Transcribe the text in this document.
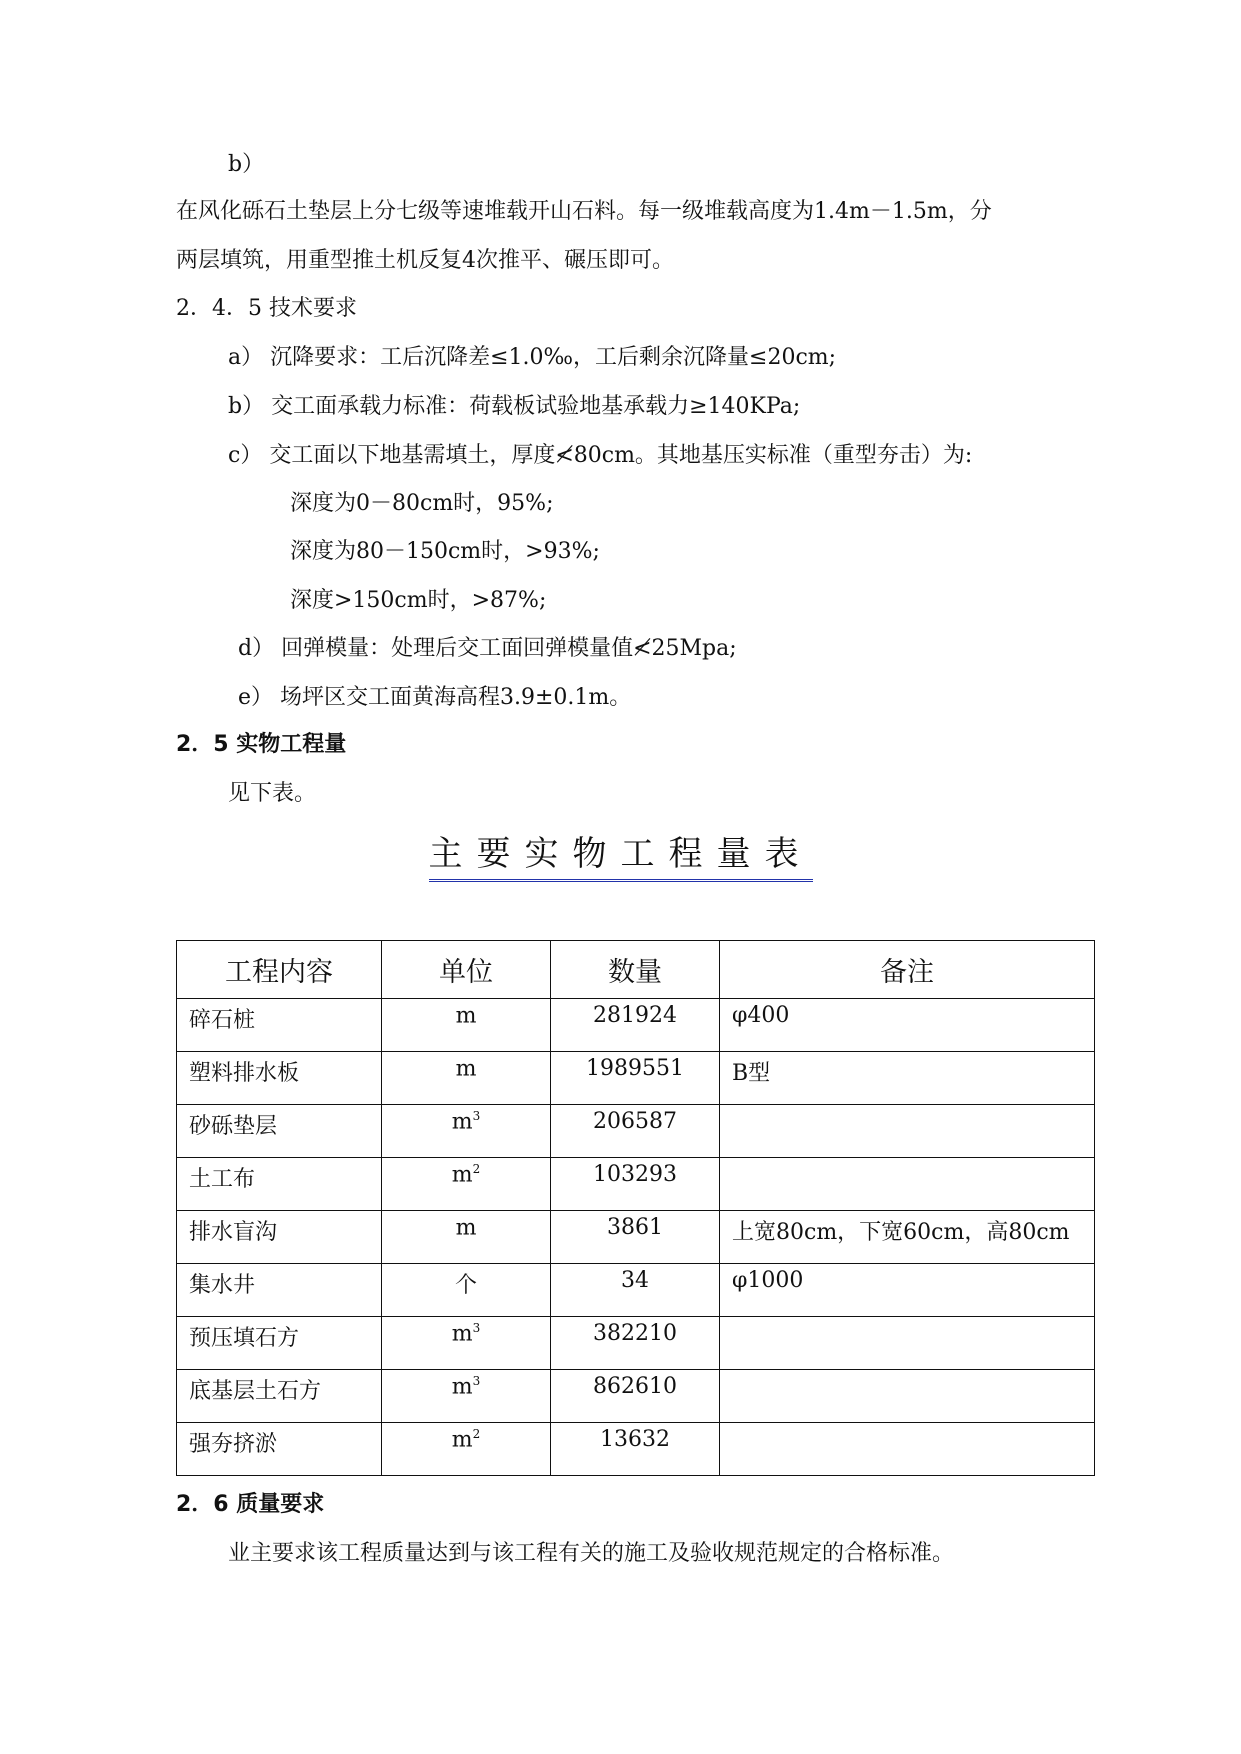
b）
在风化砾石土垫层上分七级等速堆载开山石料。每一级堆载高度为1.4m－1.5m，分
两层填筑，用重型推土机反复4次推平、碾压即可。
2．4．5 技术要求
a） 沉降要求：工后沉降差≤1.0‰，工后剩余沉降量≤20cm;
b） 交工面承载力标准：荷载板试验地基承载力≥140KPa;
c） 交工面以下地基需填土，厚度≮80cm。其地基压实标准（重型夯击）为:
深度为0－80cm时，95%;
深度为80－150cm时，>93%;
深度>150cm时，>87%;
d） 回弹模量：处理后交工面回弹模量值≮25Mpa;
e） 场坪区交工面黄海高程3.9±0.1m。
2．5 实物工程量
见下表。
主要实物工程量表
工程内容	单位	数量	备注
碎石桩	m	281924	φ400
塑料排水板	m	1989551	B型
砂砾垫层	$m^3$	206587	
土工布	$m^2$	103293	
排水盲沟	m	3861	上宽80cm，下宽60cm，高80cm
集水井	个	34	φ1000
预压填石方	$m^3$	382210	
底基层土石方	$m^3$	862610	
强夯挤淤	$m^2$	13632	
2．6 质量要求
业主要求该工程质量达到与该工程有关的施工及验收规范规定的合格标准。
